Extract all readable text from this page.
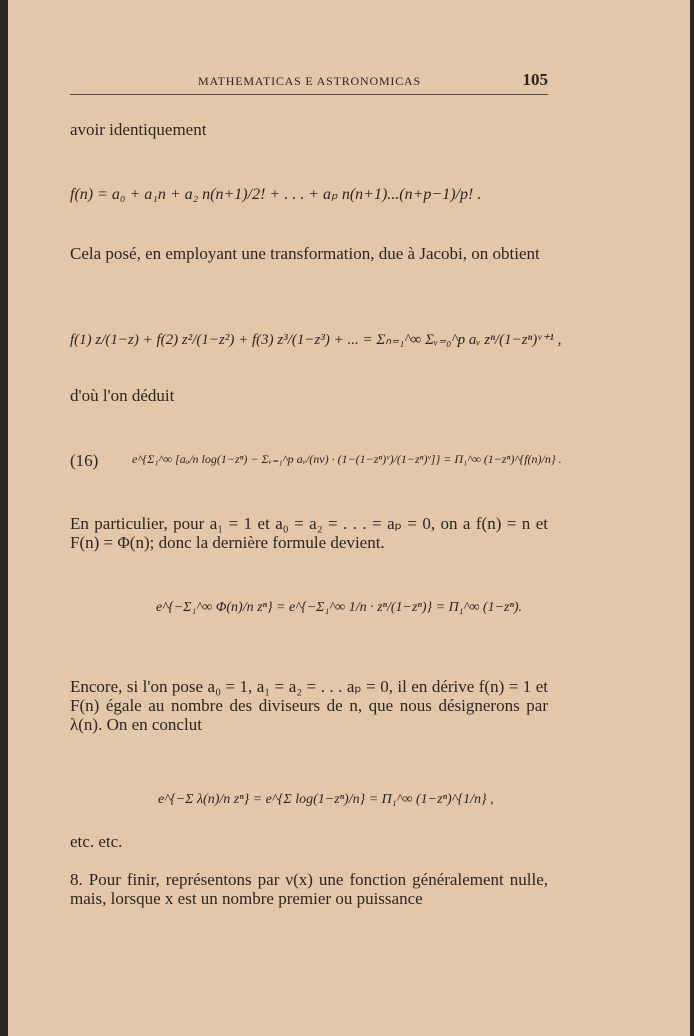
MATHEMATICAS E ASTRONOMICAS	105
avoir identiquement
f(n) = a₀ + a₁n + a₂ n(n+1)/2! + . . . + aₚ n(n+1)...(n+p−1)/p! .
Cela posé, en employant une transformation, due à Jacobi, on obtient
f(1) z/(1−z) + f(2) z²/(1−z²) + f(3) z³/(1−z³) + ... = Σₙ₌₁^∞ Σᵥ₌₀^p aᵥ zⁿ/(1−zⁿ)ᵛ⁺¹ ,
d'où l'on déduit
(16)	e^{Σ₁^∞ [aₒ/n log(1−zⁿ) − Σᵥ₌₁^p aᵥ/(nν) · (1−(1−zⁿ)ᵛ)/(1−zⁿ)ᵛ]} = Π₁^∞ (1−zⁿ)^{f(n)/n} .
En particulier, pour a₁ = 1 et a₀ = a₂ = . . . = aₚ = 0, on a f(n) = n et F(n) = Φ(n); donc la dernière formule devient.
e^{−Σ₁^∞ Φ(n)/n zⁿ} = e^{−Σ₁^∞ 1/n · zⁿ/(1−zⁿ)} = Π₁^∞ (1−zⁿ).
Encore, si l'on pose a₀ = 1, a₁ = a₂ = . . . aₚ = 0, il en dérive f(n) = 1 et F(n) égale au nombre des diviseurs de n, que nous désignerons par λ(n). On en conclut
e^{−Σ λ(n)/n zⁿ} = e^{Σ log(1−zⁿ)/n} = Π₁^∞ (1−zⁿ)^{1/n} ,
etc. etc.
8. Pour finir, représentons par ν(x) une fonction généralement nulle, mais, lorsque x est un nombre premier ou puissance
